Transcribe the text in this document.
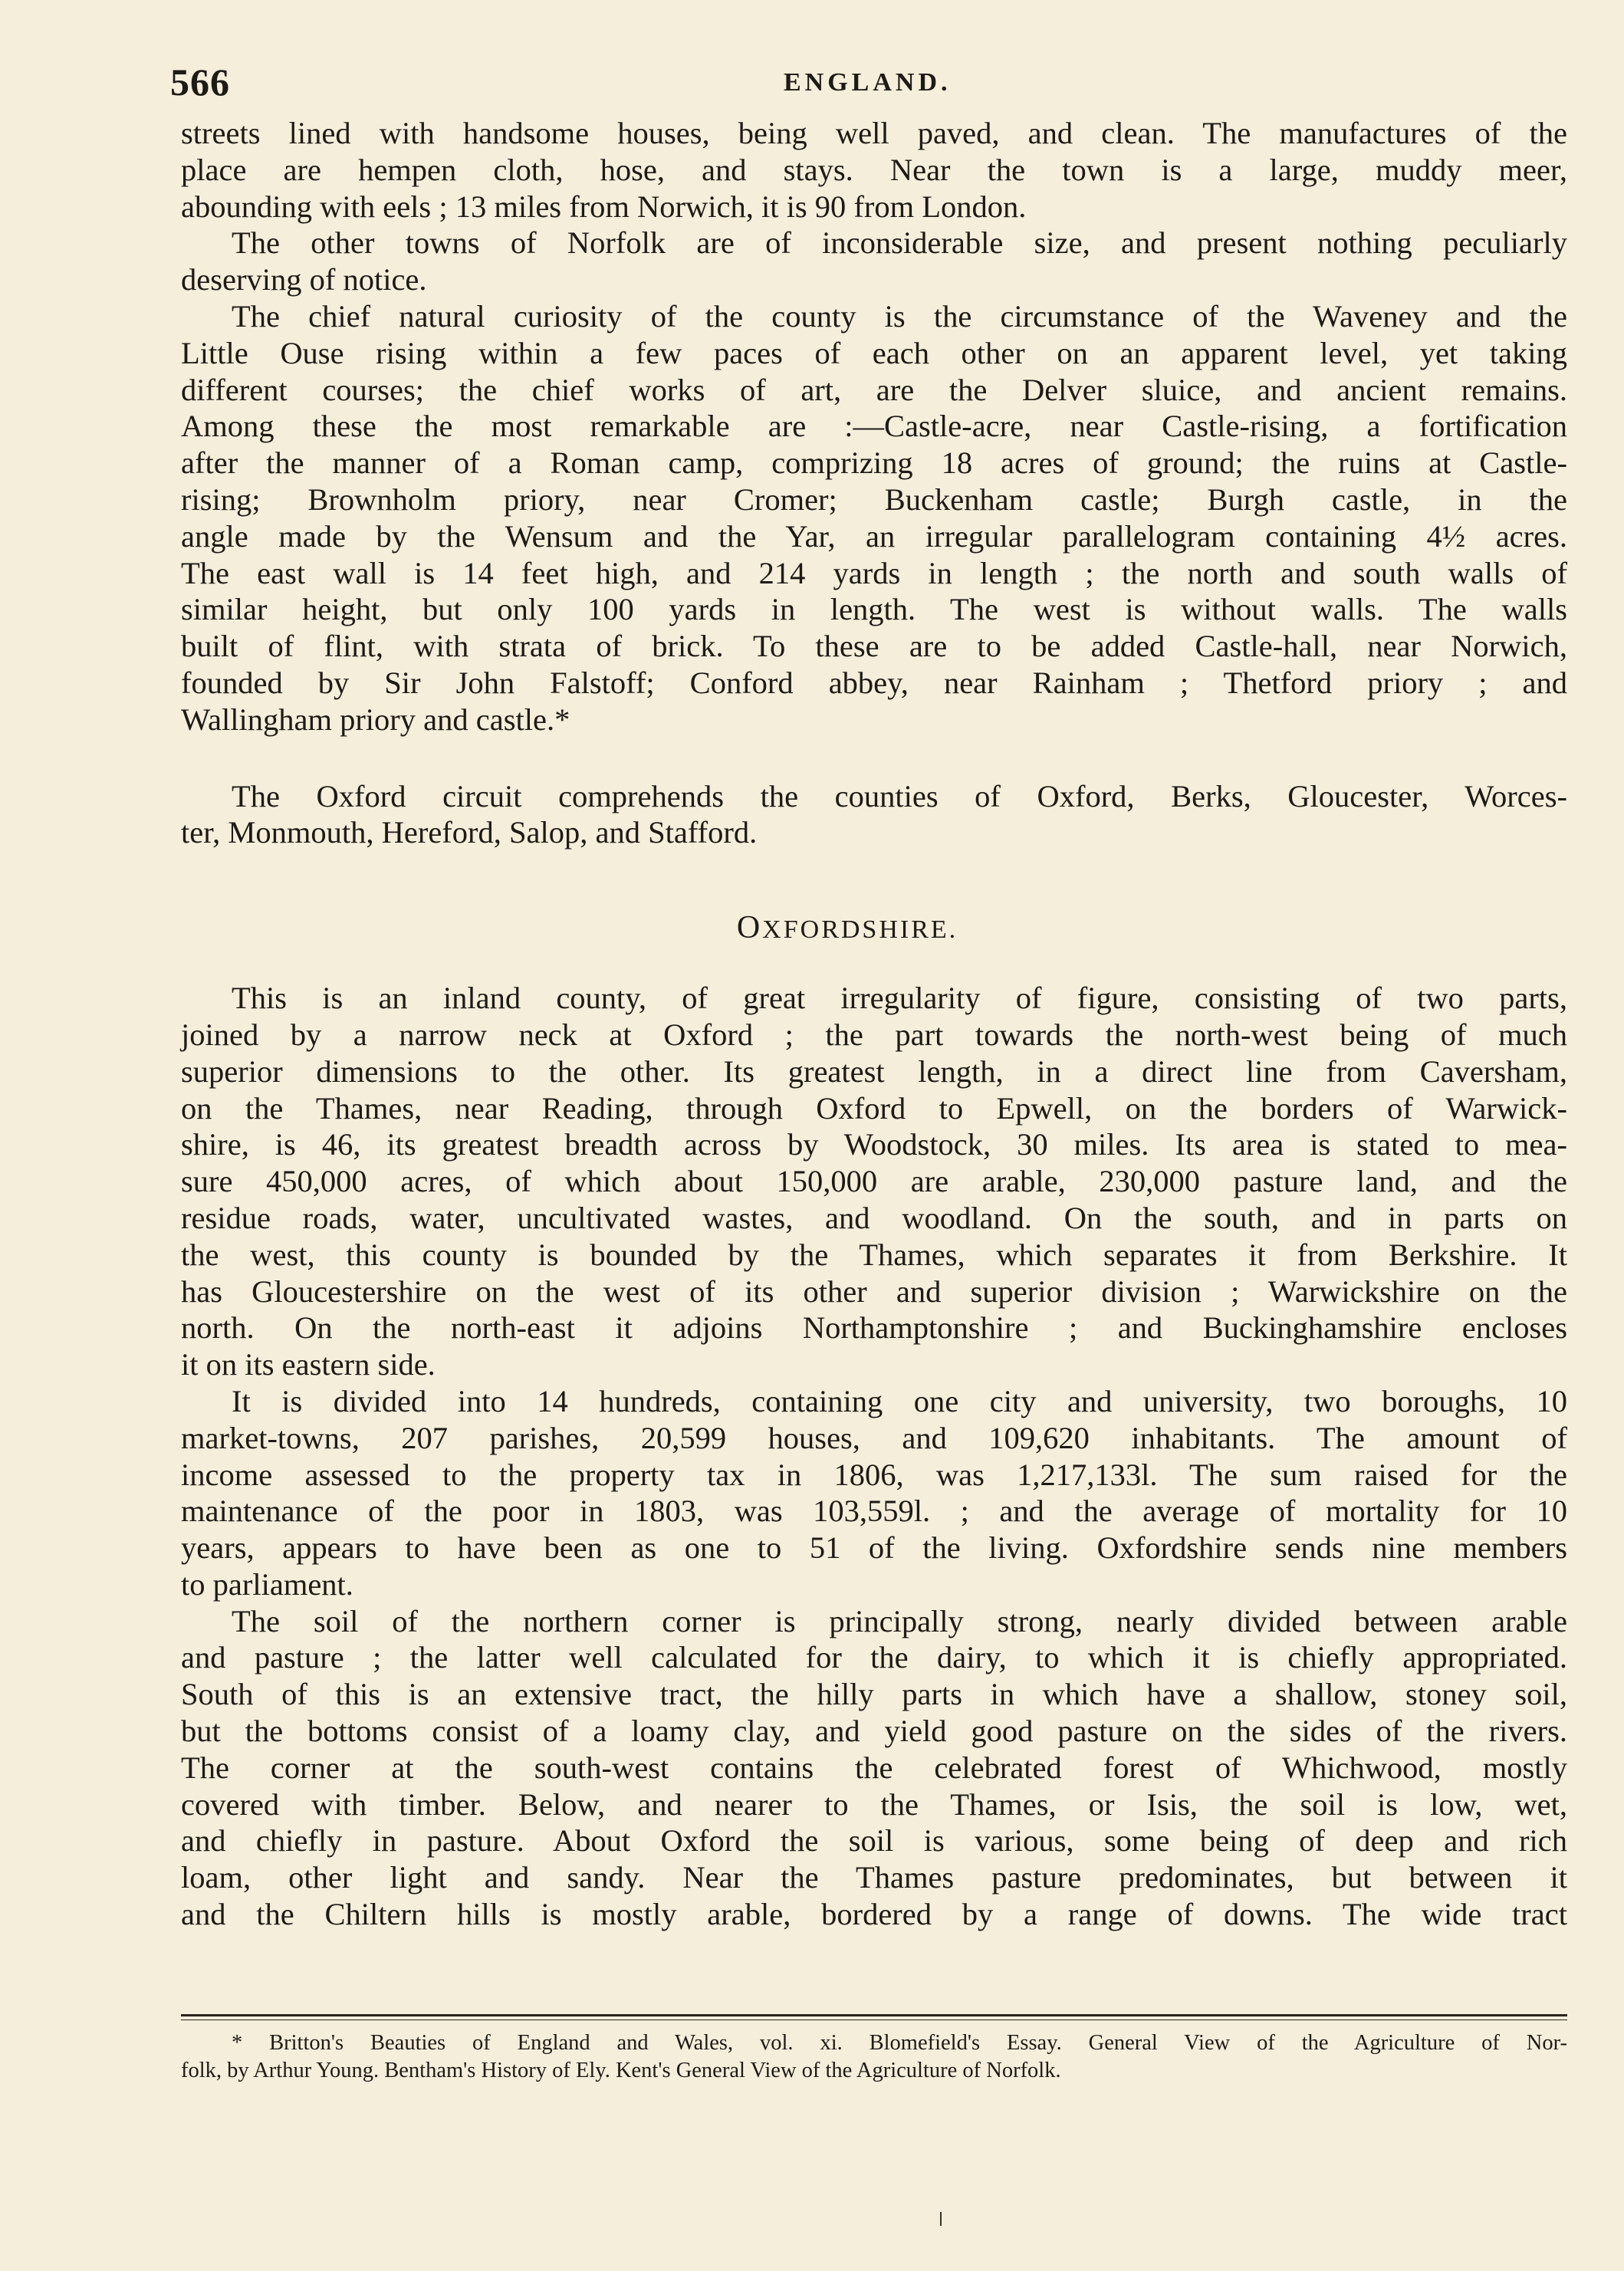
566	ENGLAND.
streets lined with handsome houses, being well paved, and clean. The manufactures of the
place are hempen cloth, hose, and stays. Near the town is a large, muddy meer,
abounding with eels ; 13 miles from Norwich, it is 90 from London.
The other towns of Norfolk are of inconsiderable size, and present nothing peculiarly
deserving of notice.
The chief natural curiosity of the county is the circumstance of the Waveney and the
Little Ouse rising within a few paces of each other on an apparent level, yet taking
different courses; the chief works of art, are the Delver sluice, and ancient remains.
Among these the most remarkable are :—Castle-acre, near Castle-rising, a fortification
after the manner of a Roman camp, comprizing 18 acres of ground; the ruins at Castle-
rising; Brownholm priory, near Cromer; Buckenham castle; Burgh castle, in the
angle made by the Wensum and the Yar, an irregular parallelogram containing 4½ acres.
The east wall is 14 feet high, and 214 yards in length ; the north and south walls of
similar height, but only 100 yards in length. The west is without walls. The walls
built of flint, with strata of brick. To these are to be added Castle-hall, near Norwich,
founded by Sir John Falstoff; Conford abbey, near Rainham ; Thetford priory ; and
Wallingham priory and castle.*
The Oxford circuit comprehends the counties of Oxford, Berks, Gloucester, Worces-
ter, Monmouth, Hereford, Salop, and Stafford.
OXFORDSHIRE.
This is an inland county, of great irregularity of figure, consisting of two parts,
joined by a narrow neck at Oxford ; the part towards the north-west being of much
superior dimensions to the other. Its greatest length, in a direct line from Caversham,
on the Thames, near Reading, through Oxford to Epwell, on the borders of Warwick-
shire, is 46, its greatest breadth across by Woodstock, 30 miles. Its area is stated to mea-
sure 450,000 acres, of which about 150,000 are arable, 230,000 pasture land, and the
residue roads, water, uncultivated wastes, and woodland. On the south, and in parts on
the west, this county is bounded by the Thames, which separates it from Berkshire. It
has Gloucestershire on the west of its other and superior division ; Warwickshire on the
north. On the north-east it adjoins Northamptonshire ; and Buckinghamshire encloses
it on its eastern side.
It is divided into 14 hundreds, containing one city and university, two boroughs, 10
market-towns, 207 parishes, 20,599 houses, and 109,620 inhabitants. The amount of
income assessed to the property tax in 1806, was 1,217,133l. The sum raised for the
maintenance of the poor in 1803, was 103,559l. ; and the average of mortality for 10
years, appears to have been as one to 51 of the living. Oxfordshire sends nine members
to parliament.
The soil of the northern corner is principally strong, nearly divided between arable
and pasture ; the latter well calculated for the dairy, to which it is chiefly appropriated.
South of this is an extensive tract, the hilly parts in which have a shallow, stoney soil,
but the bottoms consist of a loamy clay, and yield good pasture on the sides of the rivers.
The corner at the south-west contains the celebrated forest of Whichwood, mostly
covered with timber. Below, and nearer to the Thames, or Isis, the soil is low, wet,
and chiefly in pasture. About Oxford the soil is various, some being of deep and rich
loam, other light and sandy. Near the Thames pasture predominates, but between it
and the Chiltern hills is mostly arable, bordered by a range of downs. The wide tract
* Britton's Beauties of England and Wales, vol. xi. Blomefield's Essay. General View of the Agriculture of Nor-
folk, by Arthur Young. Bentham's History of Ely. Kent's General View of the Agriculture of Norfolk.
